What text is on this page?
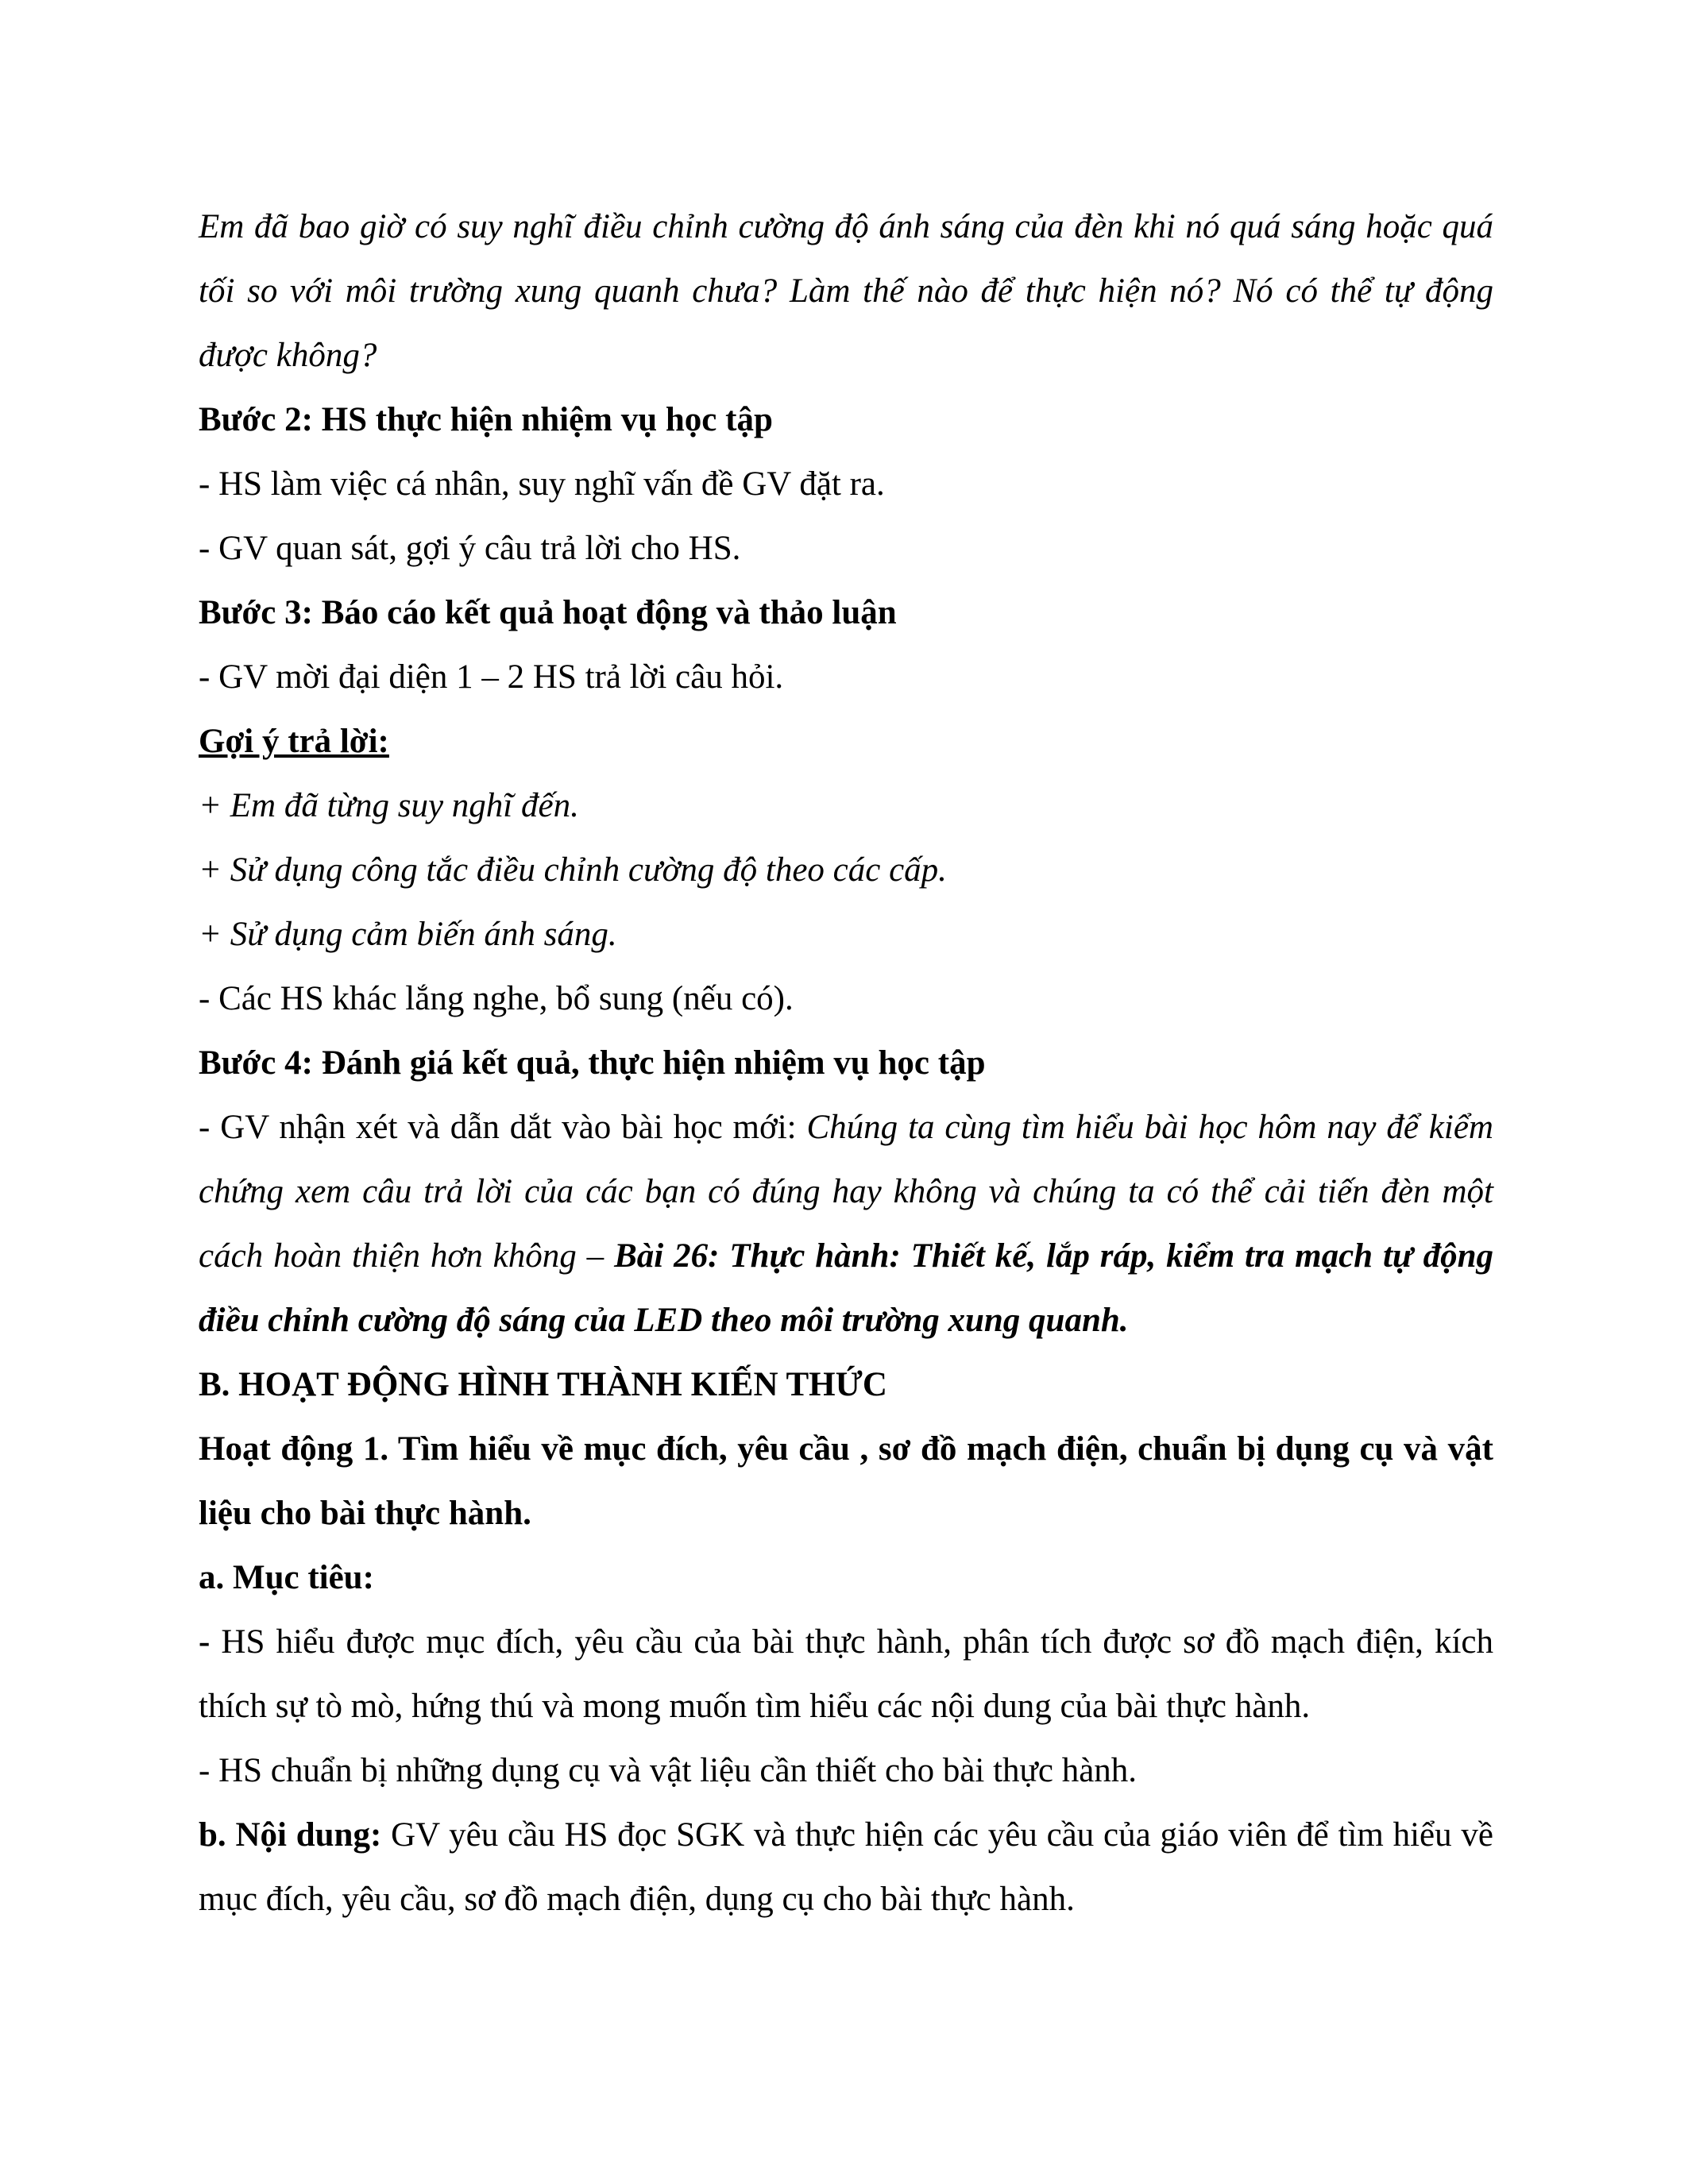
Em đã bao giờ có suy nghĩ điều chỉnh cường độ ánh sáng của đèn khi nó quá sáng hoặc quá tối so với môi trường xung quanh chưa? Làm thế nào để thực hiện nó? Nó có thể tự động được không?

Bước 2: HS thực hiện nhiệm vụ học tập

- HS làm việc cá nhân, suy nghĩ vấn đề GV đặt ra.

- GV quan sát, gợi ý câu trả lời cho HS.

Bước 3: Báo cáo kết quả hoạt động và thảo luận

- GV mời đại diện 1 – 2 HS trả lời câu hỏi.

Gợi ý trả lời:

+ Em đã từng suy nghĩ đến.

+ Sử dụng công tắc điều chỉnh cường độ theo các cấp.

+ Sử dụng cảm biến ánh sáng.

- Các HS khác lắng nghe, bổ sung (nếu có).

Bước 4: Đánh giá kết quả, thực hiện nhiệm vụ học tập

- GV nhận xét và dẫn dắt vào bài học mới: Chúng ta cùng tìm hiểu bài học hôm nay để kiểm chứng xem câu trả lời của các bạn có đúng hay không và chúng ta có thể cải tiến đèn một cách hoàn thiện hơn không – Bài 26: Thực hành: Thiết kế, lắp ráp, kiểm tra mạch tự động điều chỉnh cường độ sáng của LED theo môi trường xung quanh.

B. HOẠT ĐỘNG HÌNH THÀNH KIẾN THỨC

Hoạt động 1. Tìm hiểu về mục đích, yêu cầu , sơ đồ mạch điện, chuẩn bị dụng cụ và vật liệu cho bài thực hành.

a. Mục tiêu:

- HS hiểu được mục đích, yêu cầu của bài thực hành, phân tích được sơ đồ mạch điện, kích thích sự tò mò, hứng thú và mong muốn tìm hiểu các nội dung của bài thực hành.

- HS chuẩn bị những dụng cụ và vật liệu cần thiết cho bài thực hành.

b. Nội dung: GV yêu cầu HS đọc SGK và thực hiện các yêu cầu của giáo viên để tìm hiểu về mục đích, yêu cầu, sơ đồ mạch điện, dụng cụ cho bài thực hành.
